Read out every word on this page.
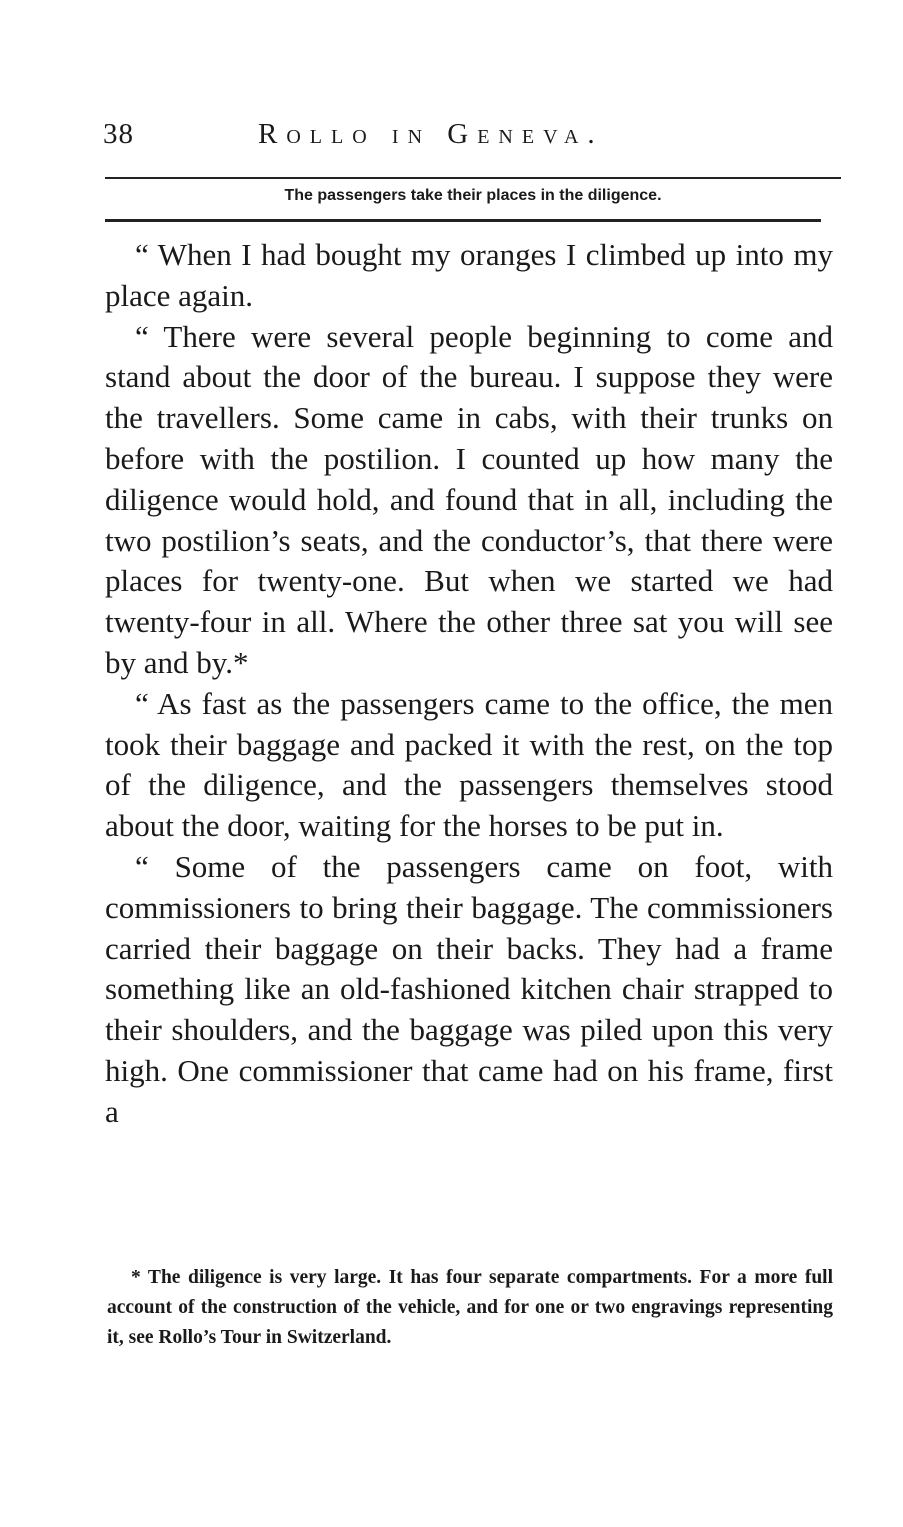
38	Rollo in Geneva.
The passengers take their places in the diligence.

“ When I had bought my oranges I climbed up into my place again.

“ There were several people beginning to come and stand about the door of the bureau. I suppose they were the travellers. Some came in cabs, with their trunks on before with the postilion. I counted up how many the diligence would hold, and found that in all, including the two postilion’s seats, and the conductor’s, that there were places for twenty-one. But when we started we had twenty-four in all. Where the other three sat you will see by and by.*

“ As fast as the passengers came to the office, the men took their baggage and packed it with the rest, on the top of the diligence, and the passengers themselves stood about the door, waiting for the horses to be put in.

“ Some of the passengers came on foot, with commissioners to bring their baggage. The commissioners carried their baggage on their backs. They had a frame something like an old-fashioned kitchen chair strapped to their shoulders, and the baggage was piled upon this very high. One commissioner that came had on his frame, first a

* The diligence is very large. It has four separate compartments. For a more full account of the construction of the vehicle, and for one or two engravings representing it, see Rollo’s Tour in Switzerland.
